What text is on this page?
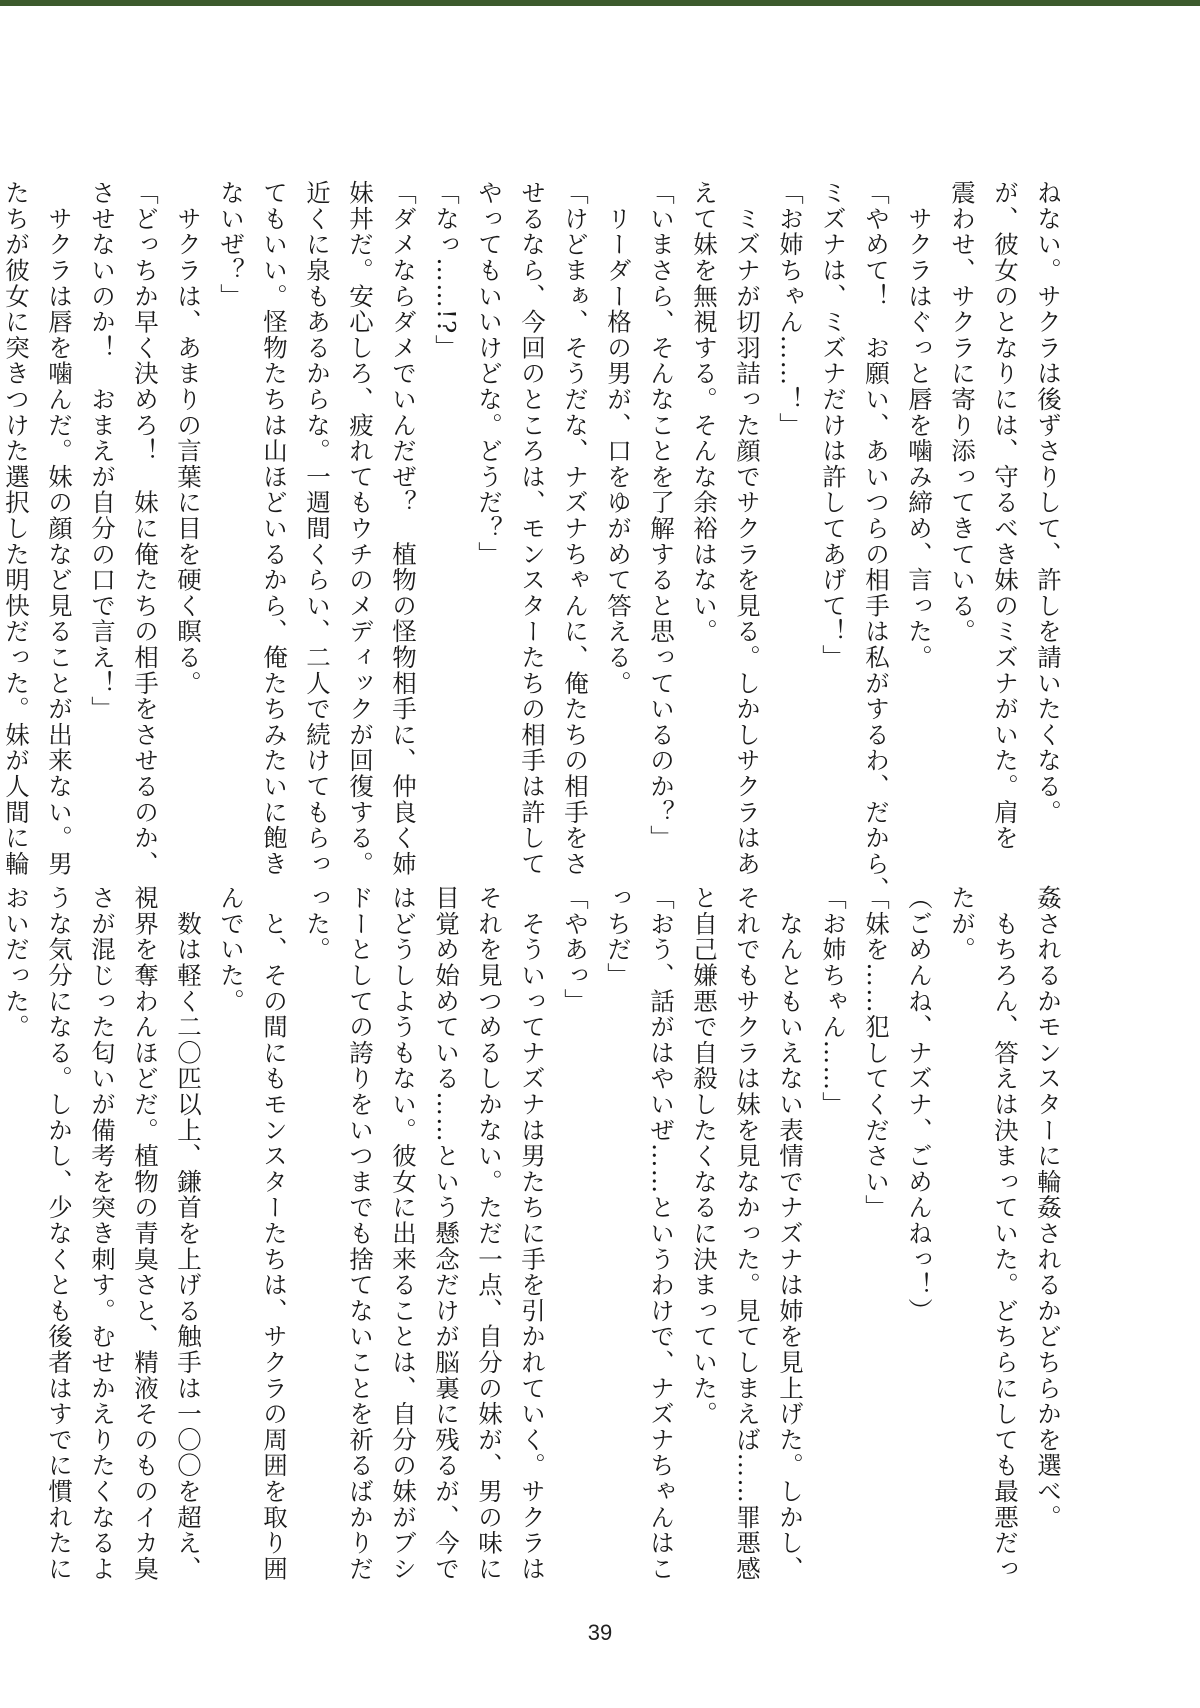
ねない。サクラは後ずさりして、許しを請いたくなる。
が、彼女のとなりには、守るべき妹のミズナがいた。肩を
震わせ、サクラに寄り添ってきている。
　サクラはぐっと唇を噛み締め、言った。
「やめて！　お願い、あいつらの相手は私がするわ、だから、
ミズナは、ミズナだけは許してあげて！」
「お姉ちゃん……！」
　ミズナが切羽詰った顔でサクラを見る。しかしサクラはあ
えて妹を無視する。そんな余裕はない。
「いまさら、そんなことを了解すると思っているのか？」
　リーダー格の男が、口をゆがめて答える。
「けどまぁ、そうだな、ナズナちゃんに、俺たちの相手をさ
せるなら、今回のところは、モンスターたちの相手は許して
やってもいいけどな。どうだ？」
「なっ……!?」
「ダメならダメでいんだぜ？　植物の怪物相手に、仲良く姉
妹丼だ。安心しろ、疲れてもウチのメディックが回復する。
近くに泉もあるからな。一週間くらい、二人で続けてもらっ
てもいい。怪物たちは山ほどいるから、俺たちみたいに飽き
ないぜ？」
　サクラは、あまりの言葉に目を硬く瞑る。
「どっちか早く決めろ！　妹に俺たちの相手をさせるのか、
させないのか！　おまえが自分の口で言え！」
　サクラは唇を噛んだ。妹の顔など見ることが出来ない。男
たちが彼女に突きつけた選択した明快だった。妹が人間に輪
姦されるかモンスターに輪姦されるかどちらかを選べ。
　もちろん、答えは決まっていた。どちらにしても最悪だっ
たが。
（ごめんね、ナズナ、ごめんねっ！）
「妹を……犯してください」
「お姉ちゃん……」
　なんともいえない表情でナズナは姉を見上げた。しかし、
それでもサクラは妹を見なかった。見てしまえば……罪悪感
と自己嫌悪で自殺したくなるに決まっていた。
「おう、話がはやいぜ……というわけで、ナズナちゃんはこ
っちだ」
「やあっ」
　そういってナズナは男たちに手を引かれていく。サクラは
それを見つめるしかない。ただ一点、自分の妹が、男の味に
目覚め始めている……という懸念だけが脳裏に残るが、今で
はどうしようもない。彼女に出来ることは、自分の妹がブシ
ドーとしての誇りをいつまでも捨てないことを祈るばかりだ
った。
　と、その間にもモンスターたちは、サクラの周囲を取り囲
んでいた。
　数は軽く二〇匹以上、鎌首を上げる触手は一〇〇を超え、
視界を奪わんほどだ。植物の青臭さと、精液そのものイカ臭
さが混じった匂いが備考を突き刺す。むせかえりたくなるよ
うな気分になる。しかし、少なくとも後者はすでに慣れたに
おいだった。
39
